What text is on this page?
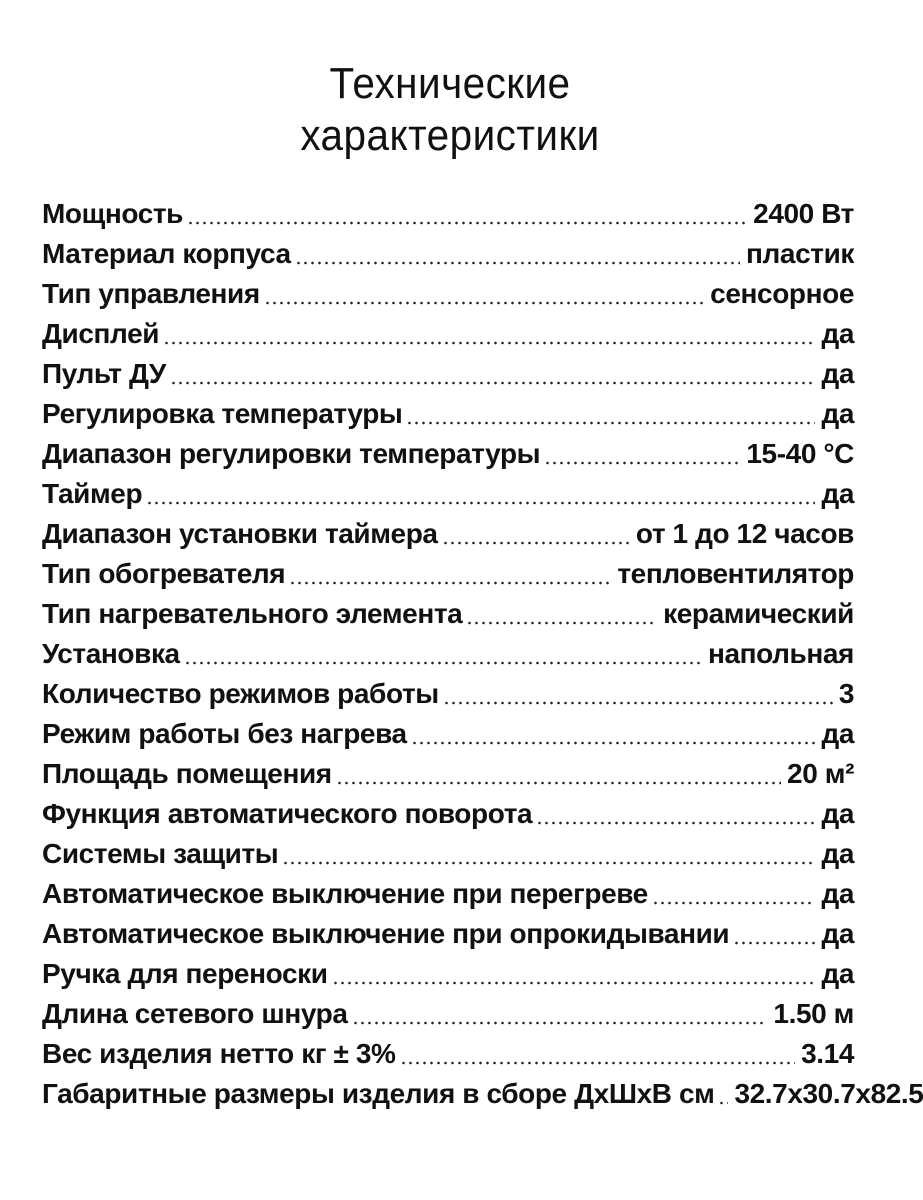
Технические
характеристики
Мощность	2400 Вт
Материал корпуса	пластик
Тип управления	сенсорное
Дисплей	да
Пульт ДУ	да
Регулировка температуры	да
Диапазон регулировки температуры	15-40 °С
Таймер	да
Диапазон установки таймера	от 1 до 12 часов
Тип обогревателя	тепловентилятор
Тип нагревательного элемента	керамический
Установка	напольная
Количество режимов работы	3
Режим работы без нагрева	да
Площадь помещения	20 м²
Функция автоматического поворота	да
Системы защиты	да
Автоматическое выключение при перегреве	да
Автоматическое выключение при опрокидывании	да
Ручка для переноски	да
Длина сетевого шнура	1.50 м
Вес изделия нетто кг ± 3%	3.14
Габаритные размеры изделия в сборе ДхШхВ см 32.7x30.7x82.5
